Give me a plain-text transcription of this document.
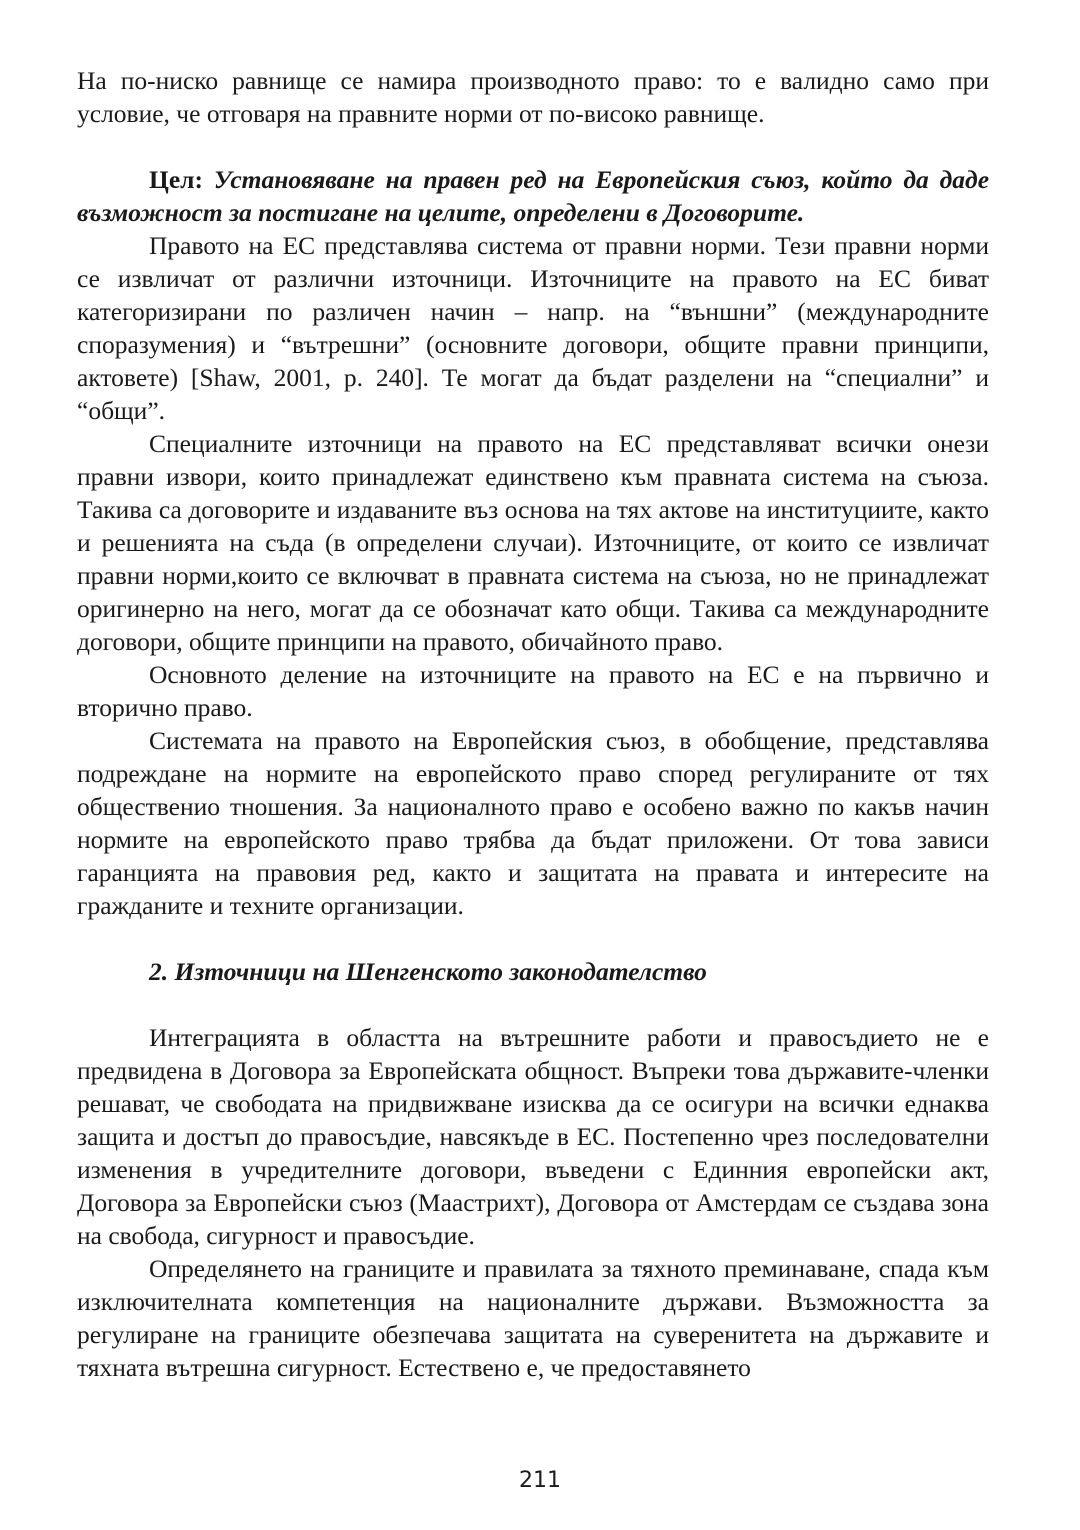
На по-ниско равнище се намира производното право: то е валидно само при условие, че отговаря на правните норми от по-високо равнище.

Цел: Установяване на правен ред на Европейския съюз, който да даде възможност за постигане на целите, определени в Договорите.

Правото на ЕС представлява система от правни норми. Тези правни норми се извличат от различни източници. Източниците на правото на ЕС биват категоризирани по различен начин – напр. на “външни” (международните споразумения) и “вътрешни” (основните договори, общите правни принципи, актовете) [Shaw, 2001, p. 240]. Те могат да бъдат разделени на “специални” и “общи”.

Специалните източници на правото на ЕС представляват всички онези правни извори, които принадлежат единствено към правната система на съюза. Такива са договорите и издаваните въз основа на тях актове на институциите, както и решенията на съда (в определени случаи). Източниците, от които се извличат правни норми,които се включват в правната система на съюза, но не принадлежат оригинерно на него, могат да се обозначат като общи. Такива са международните договори, общите принципи на правото, обичайното право.

Основното деление на източниците на правото на ЕС е на първично и вторично право.

Системата на правото на Европейския съюз, в обобщение, представлява подреждане на нормите на европейското право според регулираните от тях общественио тношения. За националното право е особено важно по какъв начин нормите на европейското право трябва да бъдат приложени. От това зависи гаранцията на правовия ред, както и защитата на правата и интересите на гражданите и техните организации.

2. Източници на Шенгенското законодателство

Интеграцията в областта на вътрешните работи и правосъдието не е предвидена в Договора за Европейската общност. Въпреки това държавите-членки решават, че свободата на придвижване изисква да се осигури на всички еднаква защита и достъп до правосъдие, навсякъде в ЕС. Постепенно чрез последователни изменения в учредителните договори, въведени с Единния европейски акт, Договора за Европейски съюз (Маастрихт), Договора от Амстердам се създава зона на свобода, сигурност и правосъдие.

Определянето на границите и правилата за тяхното преминаване, спада към изключителната компетенция на националните държави. Възможността за регулиране на границите обезпечава защитата на суверенитета на държавите и тяхната вътрешна сигурност. Естествено е, че предоставянето

211
